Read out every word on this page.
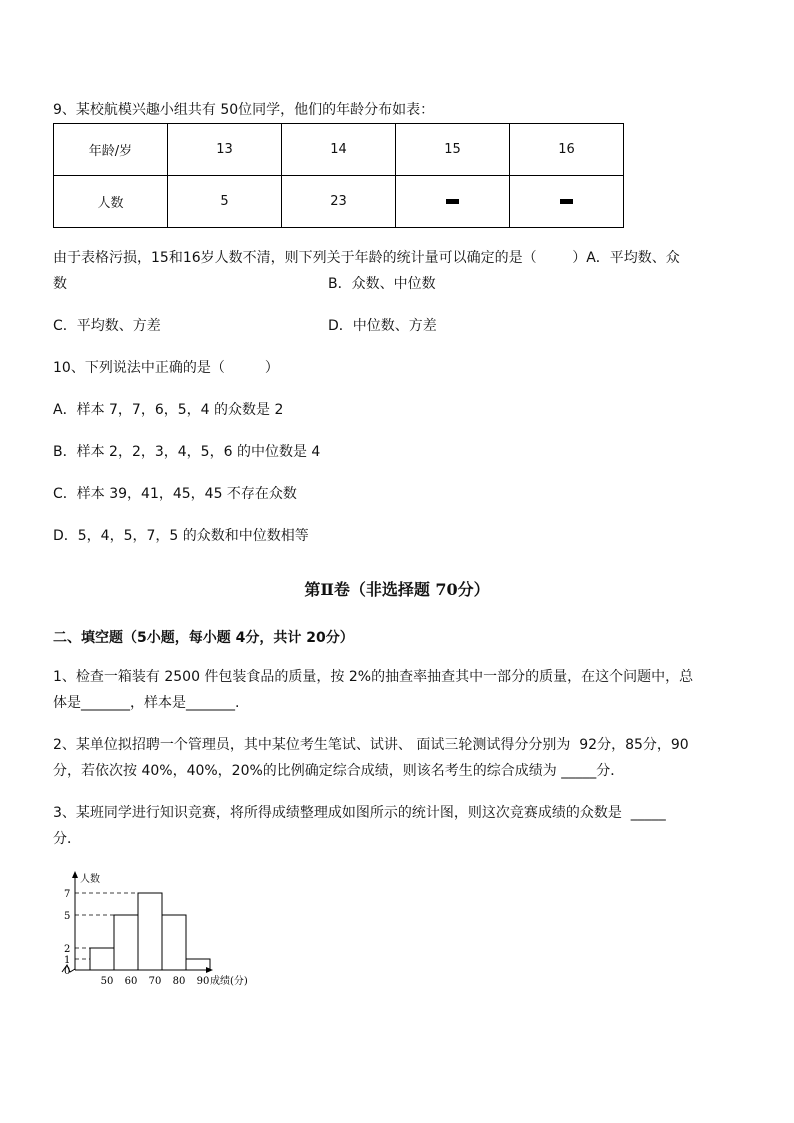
9、某校航模兴趣小组共有 50位同学，他们的年龄分布如表：
年龄/岁	13	14	15	16
人数	5	23		
由于表格污损，15和16岁人数不清，则下列关于年龄的统计量可以确定的是（        ）A．平均数、众
数	B．众数、中位数
C．平均数、方差	D．中位数、方差
10、下列说法中正确的是（         ）
A．样本 7，7，6，5，4 的众数是 2
B．样本 2，2，3，4，5，6 的中位数是 4
C．样本 39，41，45，45 不存在众数
D．5，4，5，7，5 的众数和中位数相等
第Ⅱ卷（非选择题 70分）
二、填空题（5小题，每小题 4分，共计 20分）
1、检查一箱装有 2500 件包装食品的质量，按 2%的抽查率抽查其中一部分的质量，在这个问题中，总
体是_______，样本是_______.
2、某单位拟招聘一个管理员，其中某位考生笔试、试讲、 面试三轮测试得分分别为  92分，85分，90
分，若依次按 40%，40%，20%的比例确定综合成绩，则该名考生的综合成绩为 _____分．
3、某班同学进行知识竞赛，将所得成绩整理成如图所示的统计图，则这次竞赛成绩的众数是  _____
分．
50 60 70 80 90
0
1
2
5
7
人数
成绩(分)
